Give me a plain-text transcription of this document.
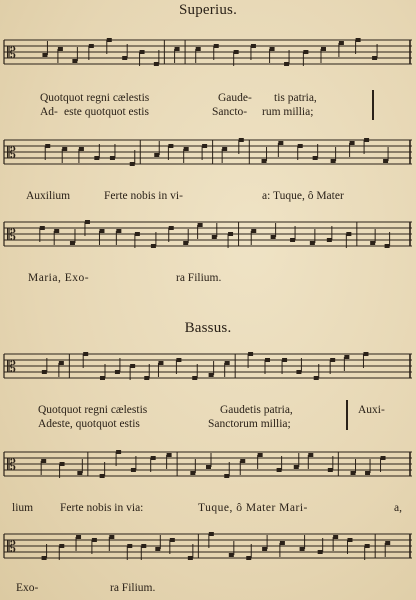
Superius.
𝄡
Quotquot regni cælestis	Gaude- tis patria,
Ad- este quotquot estis	Sancto- rum millia;
𝄡
Auxilium	Ferte nobis in vi-	a: Tuque, ô Mater
𝄡
Maria, Exo-	ra Filium.
Bassus.
𝄡
Quotquot regni cælestis	Gaudetis patria,	Auxi-
Adeste, quotquot estis	Sanctorum millia;
𝄡
lium Ferte nobis in via:	Tuque, ô Mater Mari-	a,
𝄡
Exo-	ra Filium.
